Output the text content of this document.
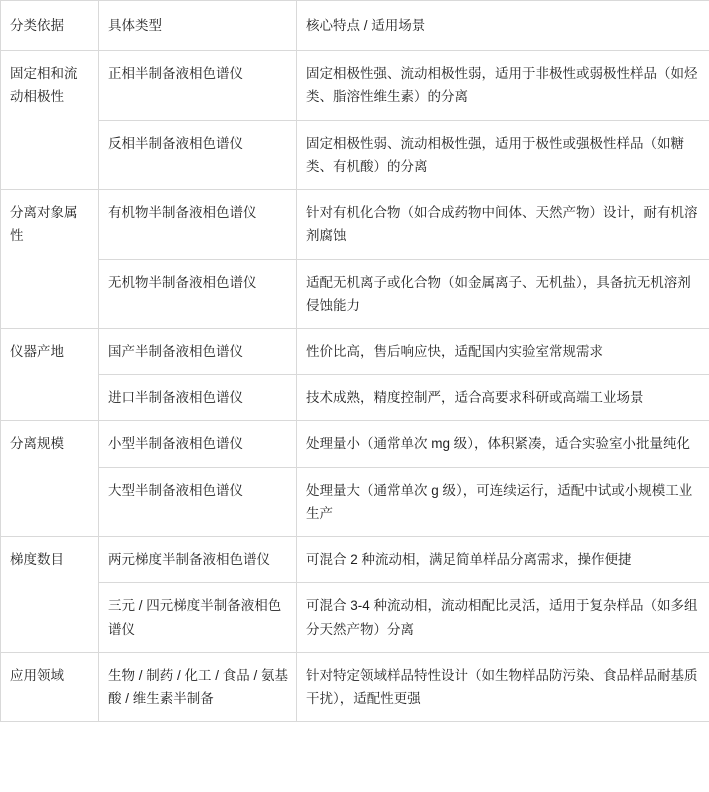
分类依据	具体类型	核心特点 / 适用场景
固定相和流动相极性	正相半制备液相色谱仪	固定相极性强、流动相极性弱，适用于非极性或弱极性样品（如烃类、脂溶性维生素）的分离
	反相半制备液相色谱仪	固定相极性弱、流动相极性强，适用于极性或强极性样品（如糖类、有机酸）的分离
分离对象属性	有机物半制备液相色谱仪	针对有机化合物（如合成药物中间体、天然产物）设计，耐有机溶剂腐蚀
	无机物半制备液相色谱仪	适配无机离子或化合物（如金属离子、无机盐），具备抗无机溶剂侵蚀能力
仪器产地	国产半制备液相色谱仪	性价比高，售后响应快，适配国内实验室常规需求
	进口半制备液相色谱仪	技术成熟，精度控制严，适合高要求科研或高端工业场景
分离规模	小型半制备液相色谱仪	处理量小（通常单次 mg 级），体积紧凑，适合实验室小批量纯化
	大型半制备液相色谱仪	处理量大（通常单次 g 级），可连续运行，适配中试或小规模工业生产
梯度数目	两元梯度半制备液相色谱仪	可混合 2 种流动相，满足简单样品分离需求，操作便捷
	三元 / 四元梯度半制备液相色谱仪	可混合 3-4 种流动相，流动相配比灵活，适用于复杂样品（如多组分天然产物）分离
应用领域	生物 / 制药 / 化工 / 食品 / 氨基酸 / 维生素半制备	针对特定领域样品特性设计（如生物样品防污染、食品样品耐基质干扰），适配性更强
